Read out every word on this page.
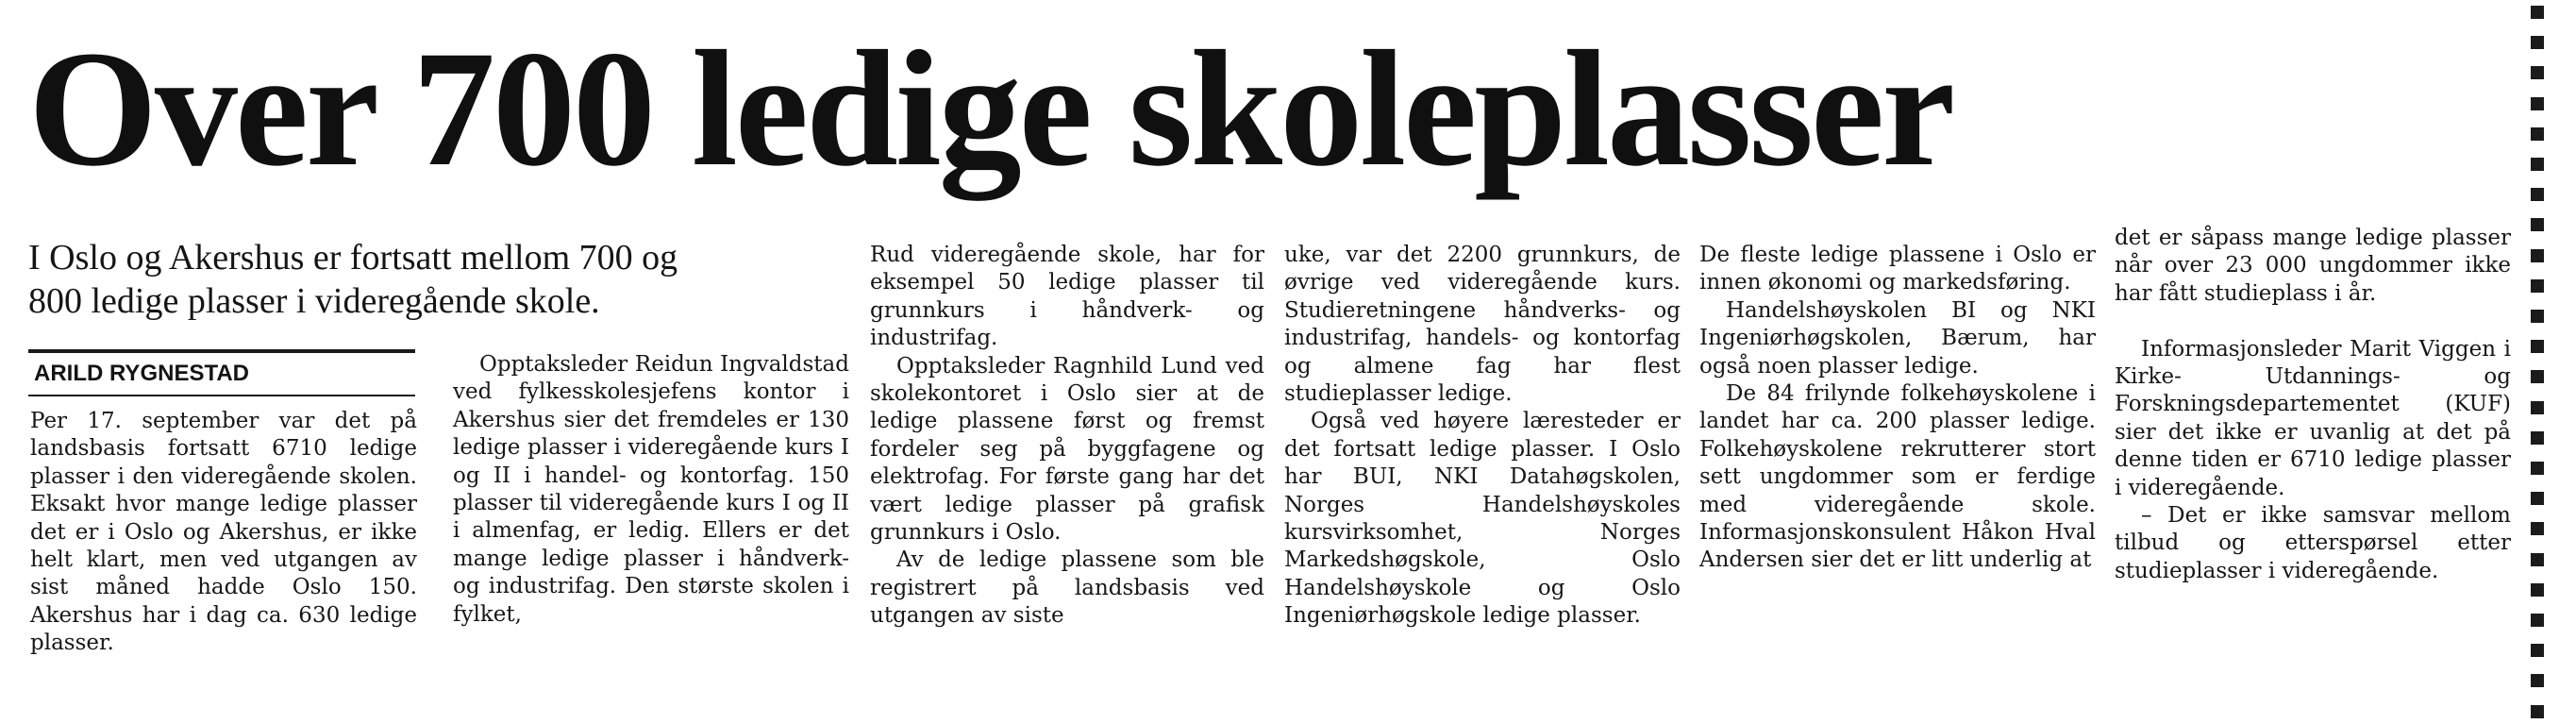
Over 700 ledige skoleplasser
I Oslo og Akershus er fortsatt mellom 700 og
800 ledige plasser i videregående skole.
ARILD RYGNESTAD

Per 17. september var det på landsbasis fortsatt 6710 ledige plasser i den videregående skolen. Eksakt hvor mange ledige plasser det er i Oslo og Akershus, er ikke helt klart, men ved utgangen av sist måned hadde Oslo 150. Akershus har i dag ca. 630 ledige plasser.

Opptaksleder Reidun Ingvaldstad ved fylkesskolesjefens kontor i Akershus sier det fremdeles er 130 ledige plasser i videregående kurs I og II i handel- og kontorfag. 150 plasser til videregående kurs I og II i almenfag, er ledig. Ellers er det mange ledige plasser i håndverk- og industrifag. Den største skolen i fylket,

Rud videregående skole, har for eksempel 50 ledige plasser til grunnkurs i håndverk- og industrifag.

Opptaksleder Ragnhild Lund ved skolekontoret i Oslo sier at de ledige plassene først og fremst fordeler seg på byggfagene og elektrofag. For første gang har det vært ledige plasser på grafisk grunnkurs i Oslo.

Av de ledige plassene som ble registrert på landsbasis ved utgangen av siste

uke, var det 2200 grunnkurs, de øvrige ved videregående kurs. Studieretningene håndverks- og industrifag, handels- og kontorfag og almene fag har flest studieplasser ledige.

Også ved høyere læresteder er det fortsatt ledige plasser. I Oslo har BUI, NKI Datahøgskolen, Norges Handelshøyskoles kursvirksomhet, Norges Markedshøgskole, Oslo Handelshøyskole og Oslo Ingeniørhøgskole ledige plasser.

De fleste ledige plassene i Oslo er innen økonomi og markedsføring.

Handelshøyskolen BI og NKI Ingeniørhøgskolen, Bærum, har også noen plasser ledige.

De 84 frilynde folkehøyskolene i landet har ca. 200 plasser ledige. Folkehøyskolene rekrutterer stort sett ungdommer som er ferdige med videregående skole. Informasjonskonsulent Håkon Hval Andersen sier det er litt underlig at

det er såpass mange ledige plasser når over 23 000 ungdommer ikke har fått studieplass i år.

Informasjonsleder Marit Viggen i Kirke- Utdannings- og Forskningsdepartementet (KUF) sier det ikke er uvanlig at det på denne tiden er 6710 ledige plasser i videregående.

– Det er ikke samsvar mellom tilbud og etterspørsel etter studieplasser i videregående.
